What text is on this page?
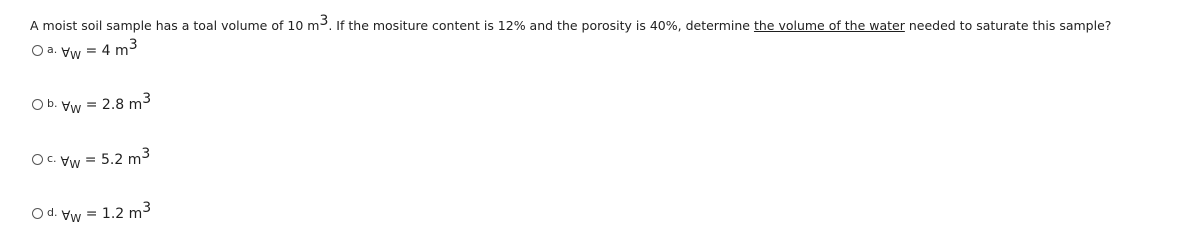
A moist soil sample has a toal volume of 10 m3. If the mositure content is 12% and the porosity is 40%, determine the volume of the water needed to saturate this sample?
a. $\forall_W = 4$ m3
b. $\forall_W = 2.8$ m3
c. $\forall_W = 5.2$ m3
d. $\forall_W = 1.2$ m3
